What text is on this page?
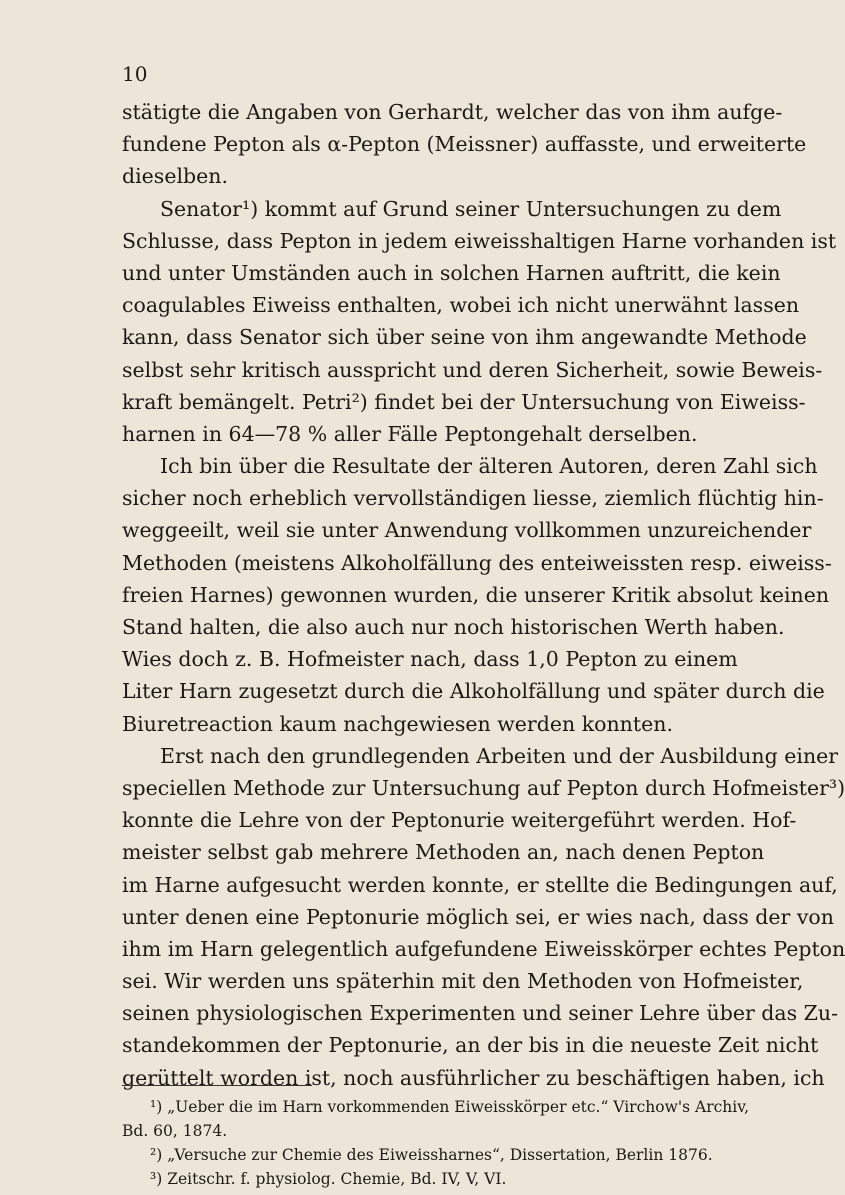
10
stätigte die Angaben von Gerhardt, welcher das von ihm aufge-
fundene Pepton als α-Pepton (Meissner) auffasste, und erweiterte
dieselben.
Senator¹) kommt auf Grund seiner Untersuchungen zu dem
Schlusse, dass Pepton in jedem eiweisshaltigen Harne vorhanden ist
und unter Umständen auch in solchen Harnen auftritt, die kein
coagulables Eiweiss enthalten, wobei ich nicht unerwähnt lassen
kann, dass Senator sich über seine von ihm angewandte Methode
selbst sehr kritisch ausspricht und deren Sicherheit, sowie Beweis-
kraft bemängelt. Petri²) findet bei der Untersuchung von Eiweiss-
harnen in 64—78 % aller Fälle Peptongehalt derselben.
Ich bin über die Resultate der älteren Autoren, deren Zahl sich
sicher noch erheblich vervollständigen liesse, ziemlich flüchtig hin-
weggeeilt, weil sie unter Anwendung vollkommen unzureichender
Methoden (meistens Alkoholfällung des enteiweissten resp. eiweiss-
freien Harnes) gewonnen wurden, die unserer Kritik absolut keinen
Stand halten, die also auch nur noch historischen Werth haben.
Wies doch z. B. Hofmeister nach, dass 1,0 Pepton zu einem
Liter Harn zugesetzt durch die Alkoholfällung und später durch die
Biuretreaction kaum nachgewiesen werden konnten.
Erst nach den grundlegenden Arbeiten und der Ausbildung einer
speciellen Methode zur Untersuchung auf Pepton durch Hofmeister³)
konnte die Lehre von der Peptonurie weitergeführt werden. Hof-
meister selbst gab mehrere Methoden an, nach denen Pepton
im Harne aufgesucht werden konnte, er stellte die Bedingungen auf,
unter denen eine Peptonurie möglich sei, er wies nach, dass der von
ihm im Harn gelegentlich aufgefundene Eiweisskörper echtes Pepton
sei. Wir werden uns späterhin mit den Methoden von Hofmeister,
seinen physiologischen Experimenten und seiner Lehre über das Zu-
standekommen der Peptonurie, an der bis in die neueste Zeit nicht
gerüttelt worden ist, noch ausführlicher zu beschäftigen haben, ich
¹) „Ueber die im Harn vorkommenden Eiweisskörper etc.“ Virchow's Archiv,
Bd. 60, 1874.
²) „Versuche zur Chemie des Eiweissharnes“, Dissertation, Berlin 1876.
³) Zeitschr. f. physiolog. Chemie, Bd. IV, V, VI.
